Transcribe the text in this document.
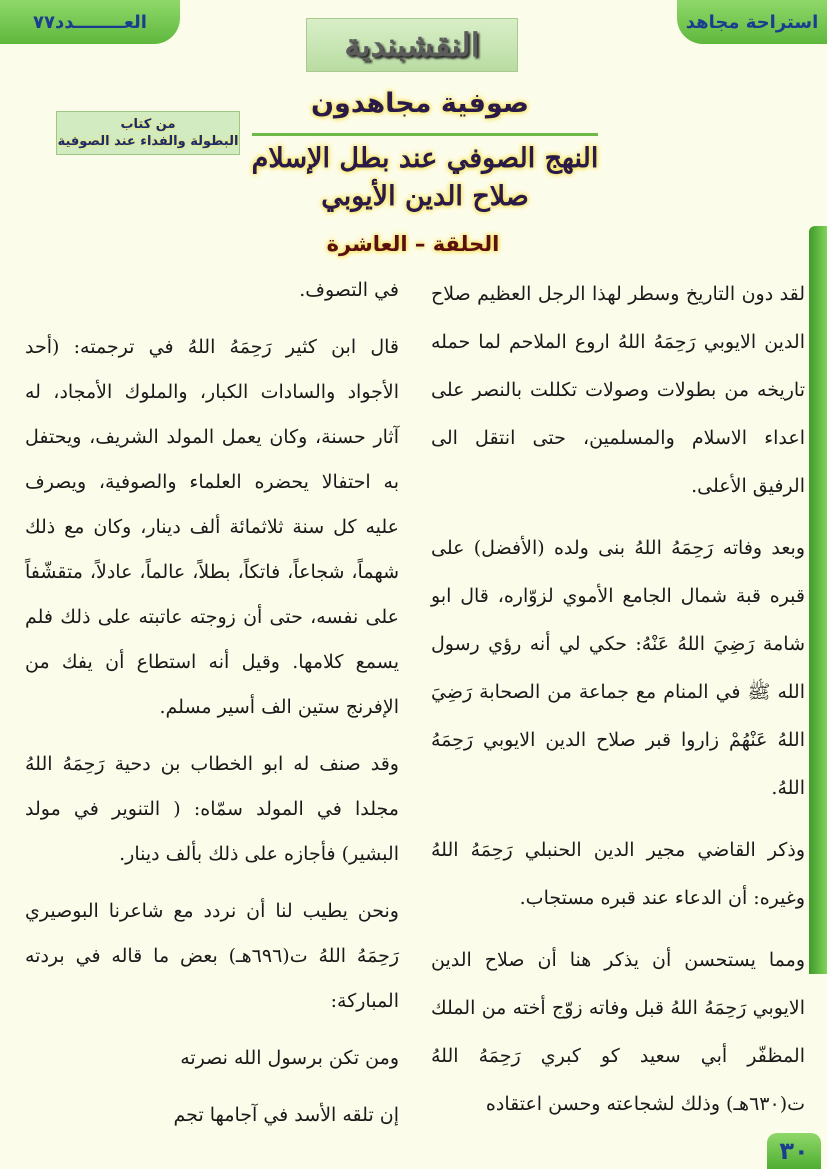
استراحة مجاهد
العــــــــدد٧٧
النقشبندية
صوفية مجاهدون
من كتاب
البطولة والفداء عند الصوفية
النهج الصوفي عند بطل الإسلام
صلاح الدين الأيوبي
الحلقة – العاشرة

لقد دون التاريخ وسطر لهذا الرجل العظيم صلاح الدين الايوبي رَحِمَهُ اللهُ اروع الملاحم لما حمله تاريخه من بطولات وصولات تكللت بالنصر على اعداء الاسلام والمسلمين، حتى انتقل الى الرفيق الأعلى.

وبعد وفاته رَحِمَهُ اللهُ بنى ولده (الأفضل) على قبره قبة شمال الجامع الأموي لزوّاره، قال ابو شامة رَضِيَ اللهُ عَنْهُ: حكي لي أنه رؤي رسول الله ﷺ في المنام مع جماعة من الصحابة رَضِيَ اللهُ عَنْهُمْ زاروا قبر صلاح الدين الايوبي رَحِمَهُ اللهُ.

وذكر القاضي مجير الدين الحنبلي رَحِمَهُ اللهُ وغيره: أن الدعاء عند قبره مستجاب.

ومما يستحسن أن يذكر هنا أن صلاح الدين الايوبي رَحِمَهُ اللهُ قبل وفاته زوّج أخته من الملك المظفّر أبي سعيد كو كبري رَحِمَهُ اللهُ ت(٦٣٠هـ) وذلك لشجاعته وحسن اعتقاده

في التصوف.

قال ابن كثير رَحِمَهُ اللهُ في ترجمته: (أحد الأجواد والسادات الكبار، والملوك الأمجاد، له آثار حسنة، وكان يعمل المولد الشريف، ويحتفل به احتفالا يحضره العلماء والصوفية، ويصرف عليه كل سنة ثلاثمائة ألف دينار، وكان مع ذلك شهماً، شجاعاً، فاتكاً، بطلاً، عالماً، عادلاً، متقشّفاً على نفسه، حتى أن زوجته عاتبته على ذلك فلم يسمع كلامها. وقيل أنه استطاع أن يفك من الإفرنج ستين الف أسير مسلم.

وقد صنف له ابو الخطاب بن دحية رَحِمَهُ اللهُ مجلدا في المولد سمّاه: ( التنوير في مولد البشير) فأجازه على ذلك بألف دينار.

ونحن يطيب لنا أن نردد مع شاعرنا البوصيري رَحِمَهُ اللهُ ت(٦٩٦هـ) بعض ما قاله في بردته المباركة:

ومن تكن برسول الله نصرته

إن تلقه الأسد في آجامها تجم

٣٠
